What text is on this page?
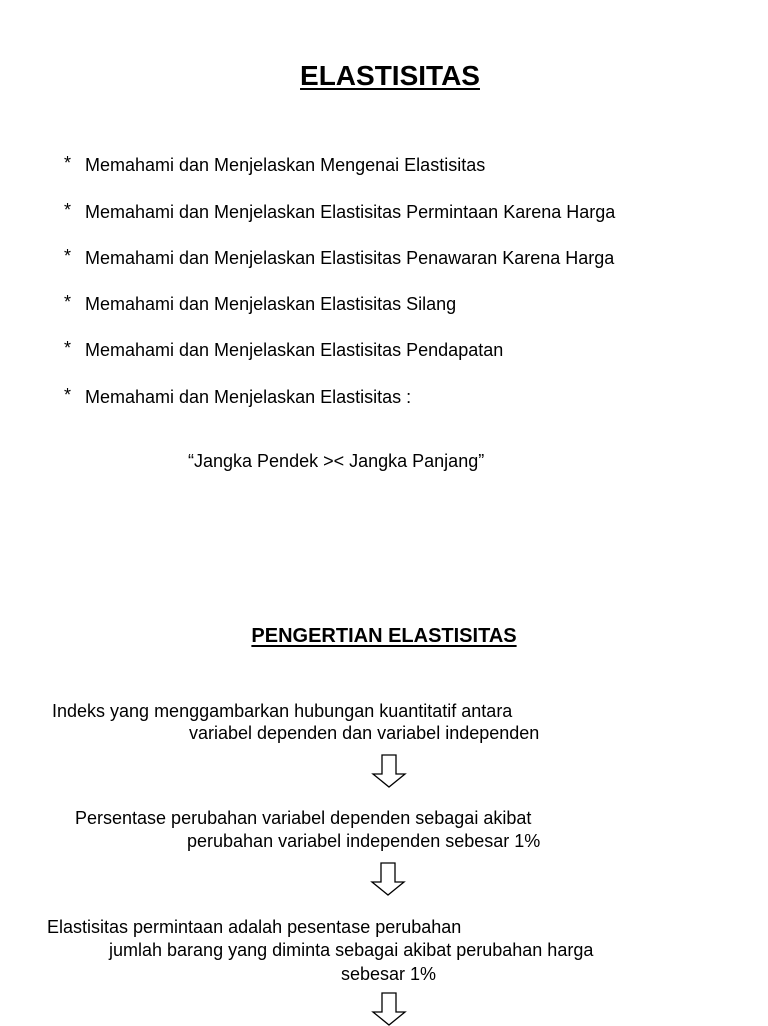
ELASTISITAS
* Memahami dan Menjelaskan Mengenai Elastisitas
* Memahami dan Menjelaskan Elastisitas Permintaan Karena Harga
* Memahami dan Menjelaskan Elastisitas Penawaran Karena Harga
* Memahami dan Menjelaskan Elastisitas Silang
* Memahami dan Menjelaskan Elastisitas Pendapatan
* Memahami dan Menjelaskan Elastisitas :
“Jangka Pendek >< Jangka Panjang”
PENGERTIAN ELASTISITAS
Indeks yang menggambarkan hubungan kuantitatif antara
variabel dependen dan variabel independen
Persentase perubahan variabel dependen sebagai akibat
perubahan variabel independen sebesar 1%
Elastisitas permintaan adalah pesentase perubahan
jumlah barang yang diminta sebagai akibat perubahan harga
sebesar 1%
